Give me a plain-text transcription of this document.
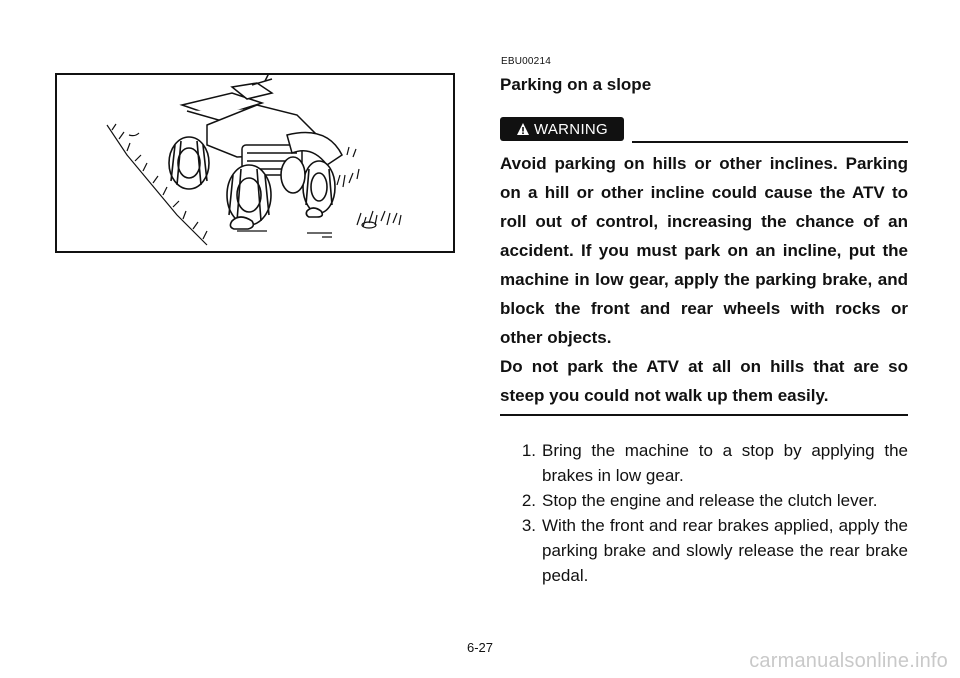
EBU00214
Parking on a slope
WARNING

Avoid parking on hills or other inclines. Parking on a hill or other incline could cause the ATV to roll out of control, increasing the chance of an accident. If you must park on an incline, put the machine in low gear, apply the parking brake, and block the front and rear wheels with rocks or other objects.

Do not park the ATV at all on hills that are so steep you could not walk up them easily.

1. Bring the machine to a stop by applying the brakes in low gear.
2. Stop the engine and release the clutch lever.
3. With the front and rear brakes applied, apply the parking brake and slowly release the rear brake pedal.
6-27
carmanualsonline.info
